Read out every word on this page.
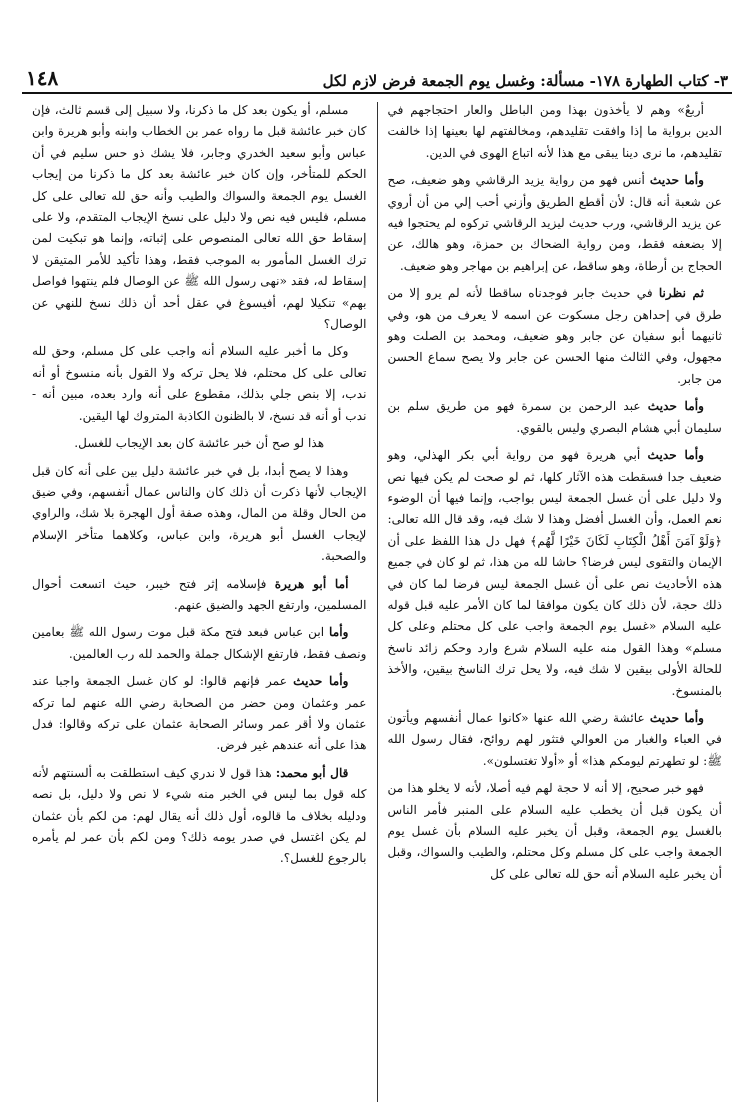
٣- كتاب الطهارة ١٧٨- مسألة: وغسل يوم الجمعة فرض لازم لكل
١٤٨

أربعٌ» وهم لا يأخذون بهذا ومن الباطل والعار احتجاجهم في الدين برواية ما إذا وافقت تقليدهم، ومخالفتهم لها بعينها إذا خالفت تقليدهم، ما نرى دينا يبقى مع هذا لأنه اتباع الهوى في الدين.

وأما حديث أنس فهو من رواية يزيد الرقاشي وهو ضعيف، صح عن شعبة أنه قال: لأن أقطع الطريق وأزني أحب إلي من أن أروي عن يزيد الرقاشي، ورب حديث ليزيد الرقاشي تركوه لم يحتجوا فيه إلا بضعفه فقط، ومن رواية الضحاك بن حمزة، وهو هالك، عن الحجاج بن أرطاة، وهو ساقط، عن إبراهيم بن مهاجر وهو ضعيف.

ثم نظرنا في حديث جابر فوجدناه ساقطا لأنه لم يرو إلا من طرق في إحداهن رجل مسكوت عن اسمه لا يعرف من هو، وفي ثانيهما أبو سفيان عن جابر وهو ضعيف، ومحمد بن الصلت وهو مجهول، وفي الثالث منها الحسن عن جابر ولا يصح سماع الحسن من جابر.

وأما حديث عبد الرحمن بن سمرة فهو من طريق سلم بن سليمان أبي هشام البصري وليس بالقوي.

وأما حديث أبي هريرة فهو من رواية أبي بكر الهذلي، وهو ضعيف جدا فسقطت هذه الآثار كلها، ثم لو صحت لم يكن فيها نص ولا دليل على أن غسل الجمعة ليس بواجب، وإنما فيها أن الوضوء نعم العمل، وأن الغسل أفضل وهذا لا شك فيه، وقد قال الله تعالى: ﴿وَلَوْ آمَنَ أَهْلُ الْكِتَابِ لَكَانَ خَيْرًا لَّهُم﴾ فهل دل هذا اللفظ على أن الإيمان والتقوى ليس فرضا؟ حاشا لله من هذا، ثم لو كان في جميع هذه الأحاديث نص على أن غسل الجمعة ليس فرضا لما كان في ذلك حجة، لأن ذلك كان يكون موافقا لما كان الأمر عليه قبل قوله عليه السلام «غسل يوم الجمعة واجب على كل محتلم وعلى كل مسلم» وهذا القول منه عليه السلام شرع وارد وحكم زائد ناسخ للحالة الأولى بيقين لا شك فيه، ولا يحل ترك الناسخ بيقين، والأخذ بالمنسوخ.

وأما حديث عائشة رضي الله عنها «كانوا عمال أنفسهم ويأتون في العباء والغبار من العوالي فتثور لهم روائح، فقال رسول الله ﷺ: لو تطهرتم ليومكم هذا» أو «أولا تغتسلون».

فهو خبر صحيح، إلا أنه لا حجة لهم فيه أصلا، لأنه لا يخلو هذا من أن يكون قبل أن يخطب عليه السلام على المنبر فأمر الناس بالغسل يوم الجمعة، وقبل أن يخبر عليه السلام بأن غسل يوم الجمعة واجب على كل مسلم وكل محتلم، والطيب والسواك، وقبل أن يخبر عليه السلام أنه حق لله تعالى على كل

مسلم، أو يكون بعد كل ما ذكرنا، ولا سبيل إلى قسم ثالث، فإن كان خبر عائشة قبل ما رواه عمر بن الخطاب وابنه وأبو هريرة وابن عباس وأبو سعيد الخدري وجابر، فلا يشك ذو حس سليم في أن الحكم للمتأخر، وإن كان خبر عائشة بعد كل ما ذكرنا من إيجاب الغسل يوم الجمعة والسواك والطيب وأنه حق لله تعالى على كل مسلم، فليس فيه نص ولا دليل على نسخ الإيجاب المتقدم، ولا على إسقاط حق الله تعالى المنصوص على إثباته، وإنما هو تبكيت لمن ترك الغسل المأمور به الموجب فقط، وهذا تأكيد للأمر المتيقن لا إسقاط له، فقد «نهى رسول الله ﷺ عن الوصال فلم ينتهوا فواصل بهم» تنكيلا لهم، أفيسوغ في عقل أحد أن ذلك نسخ للنهي عن الوصال؟

وكل ما أخبر عليه السلام أنه واجب على كل مسلم، وحق لله تعالى على كل محتلم، فلا يحل تركه ولا القول بأنه منسوخ أو أنه ندب، إلا بنص جلي بذلك، مقطوع على أنه وارد بعده، مبين أنه - ندب أو أنه قد نسخ، لا بالظنون الكاذبة المتروك لها اليقين.

هذا لو صح أن خبر عائشة كان بعد الإيجاب للغسل.

وهذا لا يصح أبدا، بل في خبر عائشة دليل بين على أنه كان قبل الإيجاب لأنها ذكرت أن ذلك كان والناس عمال أنفسهم، وفي ضيق من الحال وقلة من المال، وهذه صفة أول الهجرة بلا شك، والراوي لإيجاب الغسل أبو هريرة، وابن عباس، وكلاهما متأخر الإسلام والصحبة.

أما أبو هريرة فإسلامه إثر فتح خيبر، حيث اتسعت أحوال المسلمين، وارتفع الجهد والضيق عنهم.

وأما ابن عباس فبعد فتح مكة قبل موت رسول الله ﷺ بعامين ونصف فقط، فارتفع الإشكال جملة والحمد لله رب العالمين.

وأما حديث عمر فإنهم قالوا: لو كان غسل الجمعة واجبا عند عمر وعثمان ومن حضر من الصحابة رضي الله عنهم لما تركه عثمان ولا أقر عمر وسائر الصحابة عثمان على تركه وقالوا: فدل هذا على أنه عندهم غير فرض.

قال أبو محمد: هذا قول لا ندري كيف استطلقت به ألسنتهم لأنه كله قول بما ليس في الخبر منه شيء لا نص ولا دليل، بل نصه ودليله بخلاف ما قالوه، أول ذلك أنه يقال لهم: من لكم بأن عثمان لم يكن اغتسل في صدر يومه ذلك؟ ومن لكم بأن عمر لم يأمره بالرجوع للغسل؟.
